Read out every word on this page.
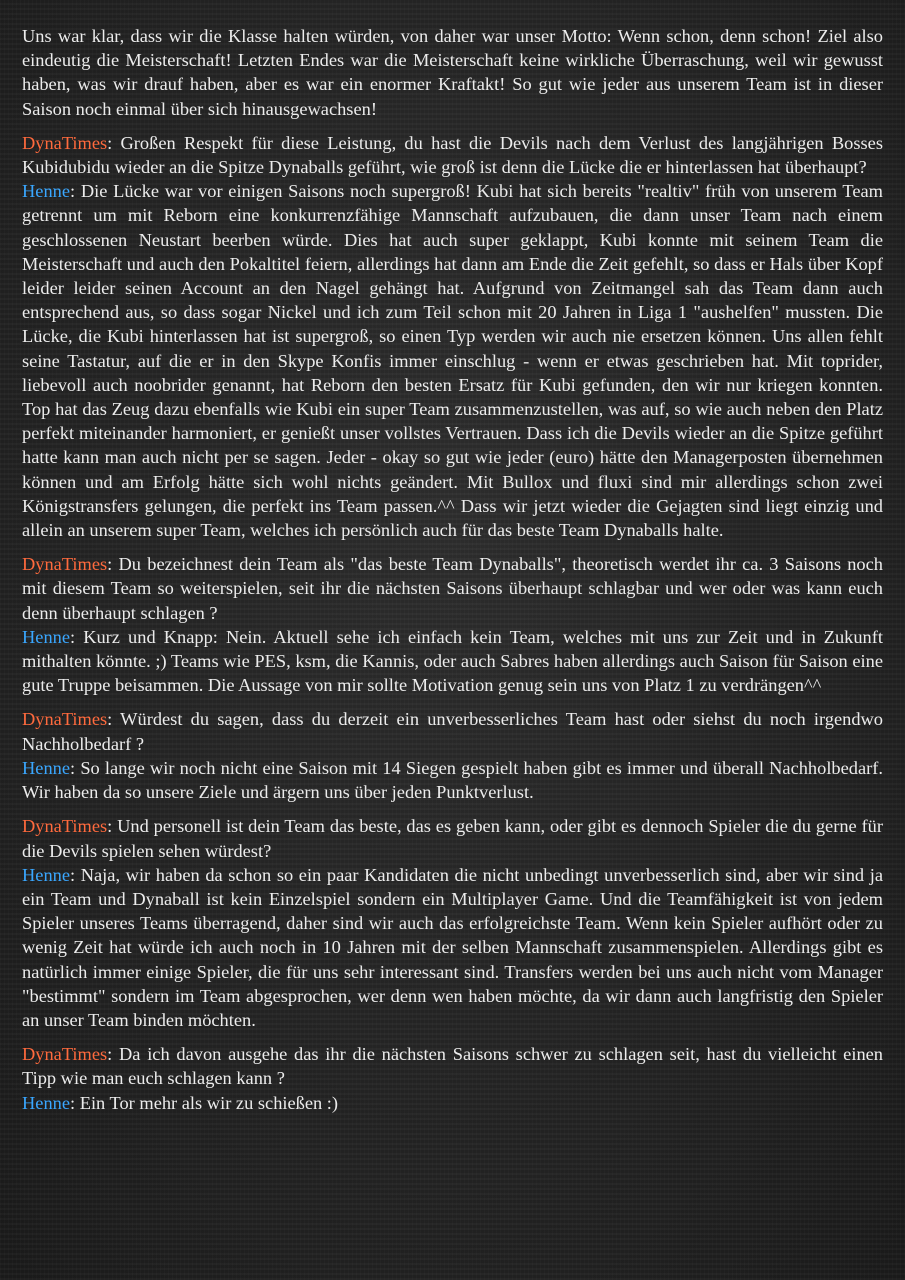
Uns war klar, dass wir die Klasse halten würden, von daher war unser Motto: Wenn schon, denn schon! Ziel also eindeutig die Meisterschaft! Letzten Endes war die Meisterschaft keine wirkliche Überraschung, weil wir gewusst haben, was wir drauf haben, aber es war ein enormer Kraftakt! So gut wie jeder aus unserem Team ist in dieser Saison noch einmal über sich hinausgewachsen!

DynaTimes: Großen Respekt für diese Leistung, du hast die Devils nach dem Verlust des langjährigen Bosses Kubidubidu wieder an die Spitze Dynaballs geführt, wie groß ist denn die Lücke die er hinterlassen hat überhaupt?

Henne: Die Lücke war vor einigen Saisons noch supergroß! Kubi hat sich bereits "realtiv" früh von unserem Team getrennt um mit Reborn eine konkurrenzfähige Mannschaft aufzubauen, die dann unser Team nach einem geschlossenen Neustart beerben würde. Dies hat auch super geklappt, Kubi konnte mit seinem Team die Meisterschaft und auch den Pokaltitel feiern, allerdings hat dann am Ende die Zeit gefehlt, so dass er Hals über Kopf leider leider seinen Account an den Nagel gehängt hat. Aufgrund von Zeitmangel sah das Team dann auch entsprechend aus, so dass sogar Nickel und ich zum Teil schon mit 20 Jahren in Liga 1 "aushelfen" mussten. Die Lücke, die Kubi hinterlassen hat ist supergroß, so einen Typ werden wir auch nie ersetzen können. Uns allen fehlt seine Tastatur, auf die er in den Skype Konfis immer einschlug - wenn er etwas geschrieben hat. Mit toprider, liebevoll auch noobrider genannt, hat Reborn den besten Ersatz für Kubi gefunden, den wir nur kriegen konnten. Top hat das Zeug dazu ebenfalls wie Kubi ein super Team zusammenzustellen, was auf, so wie auch neben den Platz perfekt miteinander harmoniert, er genießt unser vollstes Vertrauen. Dass ich die Devils wieder an die Spitze geführt hatte kann man auch nicht per se sagen. Jeder - okay so gut wie jeder (euro) hätte den Managerposten übernehmen können und am Erfolg hätte sich wohl nichts geändert. Mit Bullox und fluxi sind mir allerdings schon zwei Königstransfers gelungen, die perfekt ins Team passen.^^ Dass wir jetzt wieder die Gejagten sind liegt einzig und allein an unserem super Team, welches ich persönlich auch für das beste Team Dynaballs halte.

DynaTimes: Du bezeichnest dein Team als "das beste Team Dynaballs", theoretisch werdet ihr ca. 3 Saisons noch mit diesem Team so weiterspielen, seit ihr die nächsten Saisons überhaupt schlagbar und wer oder was kann euch denn überhaupt schlagen ?

Henne: Kurz und Knapp: Nein. Aktuell sehe ich einfach kein Team, welches mit uns zur Zeit und in Zukunft mithalten könnte. ;) Teams wie PES, ksm, die Kannis, oder auch Sabres haben allerdings auch Saison für Saison eine gute Truppe beisammen. Die Aussage von mir sollte Motivation genug sein uns von Platz 1 zu verdrängen^^

DynaTimes: Würdest du sagen, dass du derzeit ein unverbesserliches Team hast oder siehst du noch irgendwo Nachholbedarf ?

Henne: So lange wir noch nicht eine Saison mit 14 Siegen gespielt haben gibt es immer und überall Nachholbedarf. Wir haben da so unsere Ziele und ärgern uns über jeden Punktverlust.

DynaTimes: Und personell ist dein Team das beste, das es geben kann, oder gibt es dennoch Spieler die du gerne für die Devils spielen sehen würdest?

Henne: Naja, wir haben da schon so ein paar Kandidaten die nicht unbedingt unverbesserlich sind, aber wir sind ja ein Team und Dynaball ist kein Einzelspiel sondern ein Multiplayer Game. Und die Teamfähigkeit ist von jedem Spieler unseres Teams überragend, daher sind wir auch das erfolgreichste Team. Wenn kein Spieler aufhört oder zu wenig Zeit hat würde ich auch noch in 10 Jahren mit der selben Mannschaft zusammenspielen. Allerdings gibt es natürlich immer einige Spieler, die für uns sehr interessant sind. Transfers werden bei uns auch nicht vom Manager "bestimmt" sondern im Team abgesprochen, wer denn wen haben möchte, da wir dann auch langfristig den Spieler an unser Team binden möchten.

DynaTimes: Da ich davon ausgehe das ihr die nächsten Saisons schwer zu schlagen seit, hast du vielleicht einen Tipp wie man euch schlagen kann ?

Henne: Ein Tor mehr als wir zu schießen :)
